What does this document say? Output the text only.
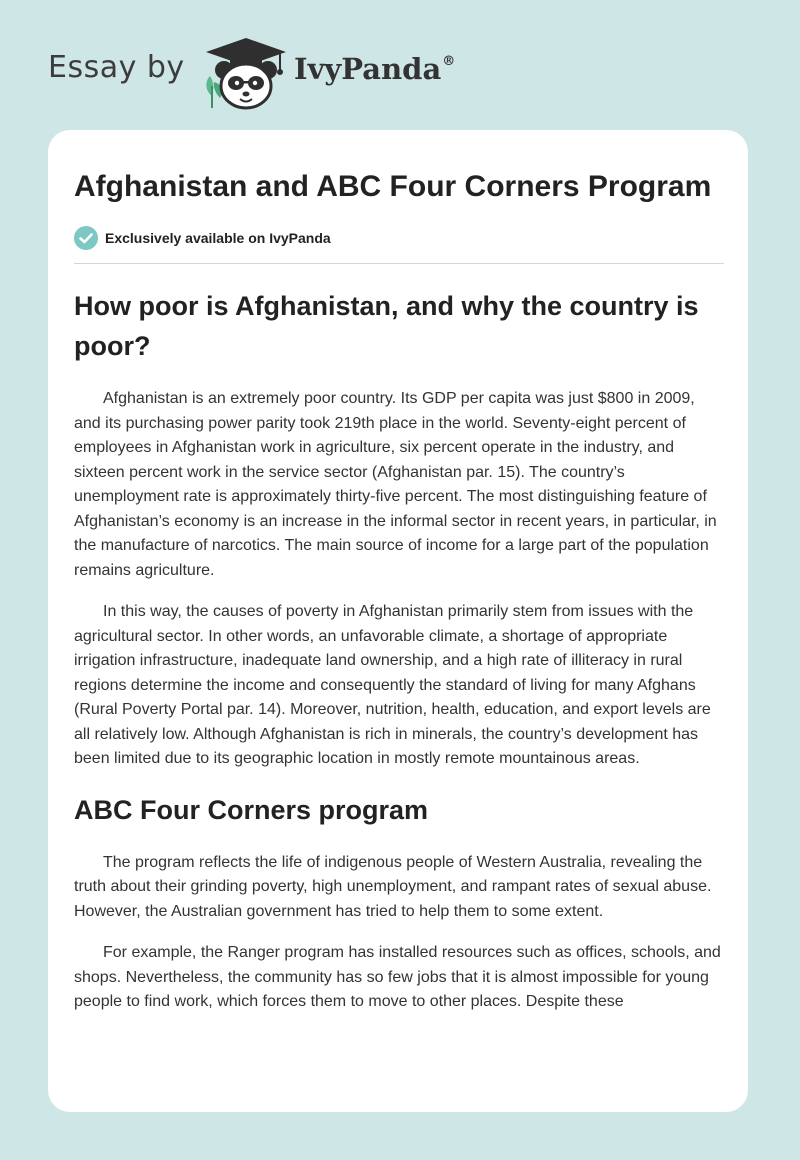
Essay by	IvyPanda®
Afghanistan and ABC Four Corners Program
Exclusively available on IvyPanda
How poor is Afghanistan, and why the country is poor?

Afghanistan is an extremely poor country. Its GDP per capita was just $800 in 2009, and its purchasing power parity took 219th place in the world. Seventy-eight percent of employees in Afghanistan work in agriculture, six percent operate in the industry, and sixteen percent work in the service sector (Afghanistan par. 15). The country’s unemployment rate is approximately thirty-five percent. The most distinguishing feature of Afghanistan’s economy is an increase in the informal sector in recent years, in particular, in the manufacture of narcotics. The main source of income for a large part of the population remains agriculture.

In this way, the causes of poverty in Afghanistan primarily stem from issues with the agricultural sector. In other words, an unfavorable climate, a shortage of appropriate irrigation infrastructure, inadequate land ownership, and a high rate of illiteracy in rural regions determine the income and consequently the standard of living for many Afghans (Rural Poverty Portal par. 14). Moreover, nutrition, health, education, and export levels are all relatively low. Although Afghanistan is rich in minerals, the country’s development has been limited due to its geographic location in mostly remote mountainous areas.

ABC Four Corners program

The program reflects the life of indigenous people of Western Australia, revealing the truth about their grinding poverty, high unemployment, and rampant rates of sexual abuse. However, the Australian government has tried to help them to some extent.

For example, the Ranger program has installed resources such as offices, schools, and shops. Nevertheless, the community has so few jobs that it is almost impossible for young people to find work, which forces them to move to other places. Despite these
